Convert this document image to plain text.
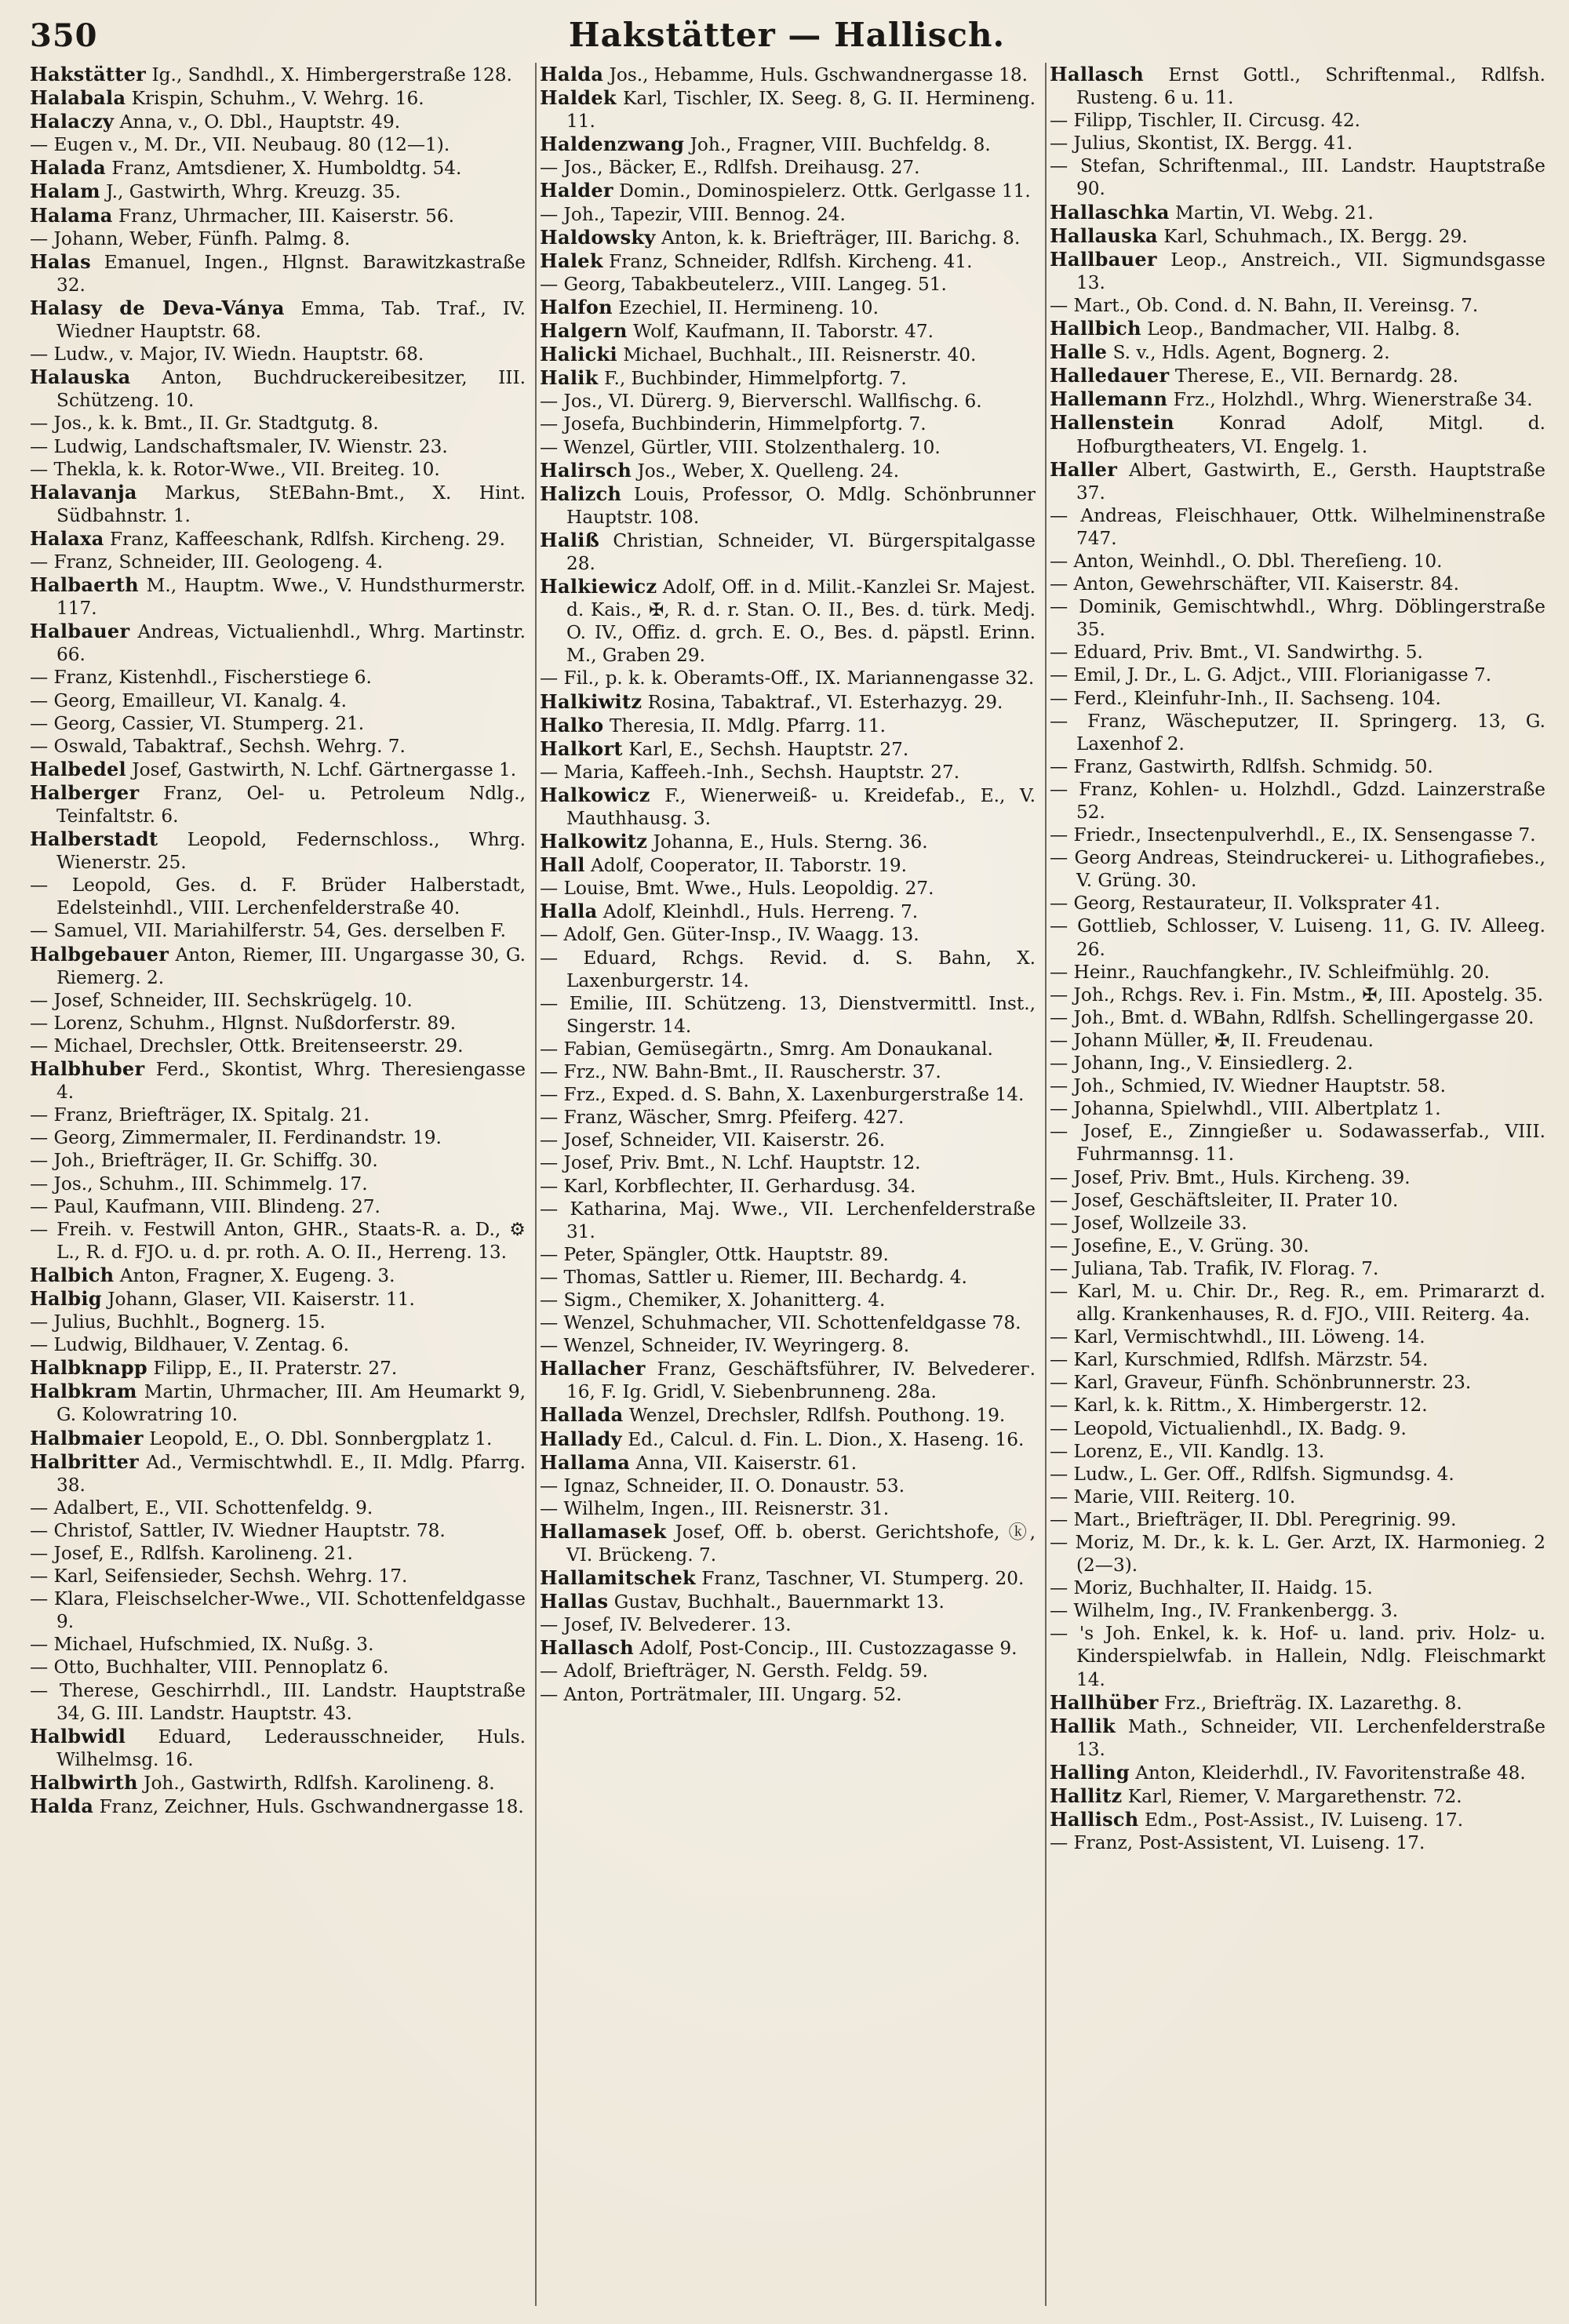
350	Hakstätter — Hallisch.
Hakstätter Ig., Sandhdl., X. Himbergerstraße 128.
Halabala Krispin, Schuhm., V. Wehrg. 16.
Halaczy Anna, v., O. Dbl., Hauptstr. 49.
— Eugen v., M. Dr., VII. Neubaug. 80 (12—1).
Halada Franz, Amtsdiener, X. Humboldtg. 54.
Halam J., Gastwirth, Whrg. Kreuzg. 35.
Halama Franz, Uhrmacher, III. Kaiserstr. 56.
— Johann, Weber, Fünfh. Palmg. 8.
Halas Emanuel, Ingen., Hlgnst. Barawitzkastraße 32.
Halasy de Deva-Ványa Emma, Tab. Traf., IV. Wiedner Hauptstr. 68.
— Ludw., v. Major, IV. Wiedn. Hauptstr. 68.
Halauska Anton, Buchdruckereibesitzer, III. Schützeng. 10.
— Jos., k. k. Bmt., II. Gr. Stadtgutg. 8.
— Ludwig, Landschaftsmaler, IV. Wienstr. 23.
— Thekla, k. k. Rotor-Wwe., VII. Breiteg. 10.
Halavanja Markus, StEBahn-Bmt., X. Hint. Südbahnstr. 1.
Halaxa Franz, Kaffeeschank, Rdlfsh. Kircheng. 29.
— Franz, Schneider, III. Geologeng. 4.
Halbaerth M., Hauptm. Wwe., V. Hundsthurmerstr. 117.
Halbauer Andreas, Victualienhdl., Whrg. Martinstr. 66.
— Franz, Kistenhdl., Fischerstiege 6.
— Georg, Emailleur, VI. Kanalg. 4.
— Georg, Cassier, VI. Stumperg. 21.
— Oswald, Tabaktraf., Sechsh. Wehrg. 7.
Halbedel Josef, Gastwirth, N. Lchf. Gärtnergasse 1.
Halberger Franz, Oel- u. Petroleum Ndlg., Teinfaltstr. 6.
Halberstadt Leopold, Federnschloss., Whrg. Wienerstr. 25.
— Leopold, Ges. d. F. Brüder Halberstadt, Edelsteinhdl., VIII. Lerchenfelderstraße 40.
— Samuel, VII. Mariahilferstr. 54, Ges. derselben F.
Halbgebauer Anton, Riemer, III. Ungargasse 30, G. Riemerg. 2.
— Josef, Schneider, III. Sechskrügelg. 10.
— Lorenz, Schuhm., Hlgnst. Nußdorferstr. 89.
— Michael, Drechsler, Ottk. Breitenseerstr. 29.
Halbhuber Ferd., Skontist, Whrg. Theresiengasse 4.
— Franz, Briefträger, IX. Spitalg. 21.
— Georg, Zimmermaler, II. Ferdinandstr. 19.
— Joh., Briefträger, II. Gr. Schiffg. 30.
— Jos., Schuhm., III. Schimmelg. 17.
— Paul, Kaufmann, VIII. Blindeng. 27.
— Freih. v. Festwill Anton, GHR., Staats-R. a. D., ⚙ L., R. d. FJO. u. d. pr. roth. A. O. II., Herreng. 13.
Halbich Anton, Fragner, X. Eugeng. 3.
Halbig Johann, Glaser, VII. Kaiserstr. 11.
— Julius, Buchhlt., Bognerg. 15.
— Ludwig, Bildhauer, V. Zentag. 6.
Halbknapp Filipp, E., II. Praterstr. 27.
Halbkram Martin, Uhrmacher, III. Am Heumarkt 9, G. Kolowratring 10.
Halbmaier Leopold, E., O. Dbl. Sonnbergplatz 1.
Halbritter Ad., Vermischtwhdl. E., II. Mdlg. Pfarrg. 38.
— Adalbert, E., VII. Schottenfeldg. 9.
— Christof, Sattler, IV. Wiedner Hauptstr. 78.
— Josef, E., Rdlfsh. Karolineng. 21.
— Karl, Seifensieder, Sechsh. Wehrg. 17.
— Klara, Fleischselcher-Wwe., VII. Schottenfeldgasse 9.
— Michael, Hufschmied, IX. Nußg. 3.
— Otto, Buchhalter, VIII. Pennoplatz 6.
— Therese, Geschirrhdl., III. Landstr. Hauptstraße 34, G. III. Landstr. Hauptstr. 43.
Halbwidl Eduard, Lederausschneider, Huls. Wilhelmsg. 16.
Halbwirth Joh., Gastwirth, Rdlfsh. Karolineng. 8.
Halda Franz, Zeichner, Huls. Gschwandnergasse 18.
Halda Jos., Hebamme, Huls. Gschwandnergasse 18.
Haldek Karl, Tischler, IX. Seeg. 8, G. II. Hermineng. 11.
Haldenzwang Joh., Fragner, VIII. Buchfeldg. 8.
— Jos., Bäcker, E., Rdlfsh. Dreihausg. 27.
Halder Domin., Dominospielerz. Ottk. Gerlgasse 11.
— Joh., Tapezir, VIII. Bennog. 24.
Haldowsky Anton, k. k. Briefträger, III. Barichg. 8.
Halek Franz, Schneider, Rdlfsh. Kircheng. 41.
— Georg, Tabakbeutelerz., VIII. Langeg. 51.
Halfon Ezechiel, II. Hermineng. 10.
Halgern Wolf, Kaufmann, II. Taborstr. 47.
Halicki Michael, Buchhalt., III. Reisnerstr. 40.
Halik F., Buchbinder, Himmelpfortg. 7.
— Jos., VI. Dürerg. 9, Bierverschl. Wallfischg. 6.
— Josefa, Buchbinderin, Himmelpfortg. 7.
— Wenzel, Gürtler, VIII. Stolzenthalerg. 10.
Halirsch Jos., Weber, X. Quelleng. 24.
Halizch Louis, Professor, O. Mdlg. Schönbrunner Hauptstr. 108.
Haliß Christian, Schneider, VI. Bürgerspitalgasse 28.
Halkiewicz Adolf, Off. in d. Milit.-Kanzlei Sr. Majest. d. Kais., ✠, R. d. r. Stan. O. II., Bes. d. türk. Medj. O. IV., Offiz. d. grch. E. O., Bes. d. päpstl. Erinn. M., Graben 29.
— Fil., p. k. k. Oberamts-Off., IX. Mariannengasse 32.
Halkiwitz Rosina, Tabaktraf., VI. Esterhazyg. 29.
Halko Theresia, II. Mdlg. Pfarrg. 11.
Halkort Karl, E., Sechsh. Hauptstr. 27.
— Maria, Kaffeeh.-Inh., Sechsh. Hauptstr. 27.
Halkowicz F., Wienerweiß- u. Kreidefab., E., V. Mauthhausg. 3.
Halkowitz Johanna, E., Huls. Sterng. 36.
Hall Adolf, Cooperator, II. Taborstr. 19.
— Louise, Bmt. Wwe., Huls. Leopoldig. 27.
Halla Adolf, Kleinhdl., Huls. Herreng. 7.
— Adolf, Gen. Güter-Insp., IV. Waagg. 13.
— Eduard, Rchgs. Revid. d. S. Bahn, X. Laxenburgerstr. 14.
— Emilie, III. Schützeng. 13, Dienstvermittl. Inst., Singerstr. 14.
— Fabian, Gemüsegärtn., Smrg. Am Donaukanal.
— Frz., NW. Bahn-Bmt., II. Rauscherstr. 37.
— Frz., Exped. d. S. Bahn, X. Laxenburgerstraße 14.
— Franz, Wäscher, Smrg. Pfeiferg. 427.
— Josef, Schneider, VII. Kaiserstr. 26.
— Josef, Priv. Bmt., N. Lchf. Hauptstr. 12.
— Karl, Korbflechter, II. Gerhardusg. 34.
— Katharina, Maj. Wwe., VII. Lerchenfelderstraße 31.
— Peter, Spängler, Ottk. Hauptstr. 89.
— Thomas, Sattler u. Riemer, III. Bechardg. 4.
— Sigm., Chemiker, X. Johanitterg. 4.
— Wenzel, Schuhmacher, VII. Schottenfeldgasse 78.
— Wenzel, Schneider, IV. Weyringerg. 8.
Hallacher Franz, Geschäftsführer, IV. Belvederег. 16, F. Ig. Gridl, V. Siebenbrunneng. 28a.
Hallada Wenzel, Drechsler, Rdlfsh. Pouthong. 19.
Hallady Ed., Calcul. d. Fin. L. Dion., X. Haseng. 16.
Hallama Anna, VII. Kaiserstr. 61.
— Ignaz, Schneider, II. O. Donaustr. 53.
— Wilhelm, Ingen., III. Reisnerstr. 31.
Hallamasek Josef, Off. b. oberst. Gerichtshofe, ⓚ, VI. Brückeng. 7.
Hallamitschek Franz, Taschner, VI. Stumperg. 20.
Hallas Gustav, Buchhalt., Bauernmarkt 13.
— Josef, IV. Belvederег. 13.
Hallasch Adolf, Post-Concip., III. Custozzagasse 9.
— Adolf, Briefträger, N. Gersth. Feldg. 59.
— Anton, Porträtmaler, III. Ungarg. 52.
Hallasch Ernst Gottl., Schriftenmal., Rdlfsh. Rusteng. 6 u. 11.
— Filipp, Tischler, II. Circusg. 42.
— Julius, Skontist, IX. Bergg. 41.
— Stefan, Schriftenmal., III. Landstr. Hauptstraße 90.
Hallaschka Martin, VI. Webg. 21.
Hallauska Karl, Schuhmach., IX. Bergg. 29.
Hallbauer Leop., Anstreich., VII. Sigmundsgasse 13.
— Mart., Ob. Cond. d. N. Bahn, II. Vereinsg. 7.
Hallbich Leop., Bandmacher, VII. Halbg. 8.
Halle S. v., Hdls. Agent, Bognerg. 2.
Halledauer Therese, E., VII. Bernardg. 28.
Hallemann Frz., Holzhdl., Whrg. Wienerstraße 34.
Hallenstein Konrad Adolf, Mitgl. d. Hofburgtheaters, VI. Engelg. 1.
Haller Albert, Gastwirth, E., Gersth. Hauptstraße 37.
— Andreas, Fleischhauer, Ottk. Wilhelminenstraße 747.
— Anton, Weinhdl., O. Dbl. Thereſieng. 10.
— Anton, Gewehrschäfter, VII. Kaiserstr. 84.
— Dominik, Gemischtwhdl., Whrg. Döblingerstraße 35.
— Eduard, Priv. Bmt., VI. Sandwirthg. 5.
— Emil, J. Dr., L. G. Adjct., VIII. Florianigasse 7.
— Ferd., Kleinfuhr-Inh., II. Sachseng. 104.
— Franz, Wäscheputzer, II. Springerg. 13, G. Laxenhof 2.
— Franz, Gastwirth, Rdlfsh. Schmidg. 50.
— Franz, Kohlen- u. Holzhdl., Gdzd. Lainzerstraße 52.
— Friedr., Insectenpulverhdl., E., IX. Sensengasse 7.
— Georg Andreas, Steindruckerei- u. Lithografiebes., V. Grüng. 30.
— Georg, Restaurateur, II. Volksprater 41.
— Gottlieb, Schlosser, V. Luiseng. 11, G. IV. Alleeg. 26.
— Heinr., Rauchfangkehr., IV. Schleifmühlg. 20.
— Joh., Rchgs. Rev. i. Fin. Mstm., ✠, III. Apostelg. 35.
— Joh., Bmt. d. WBahn, Rdlfsh. Schellingergasse 20.
— Johann Müller, ✠, II. Freudenau.
— Johann, Ing., V. Einsiedlerg. 2.
— Joh., Schmied, IV. Wiedner Hauptstr. 58.
— Johanna, Spielwhdl., VIII. Albertplatz 1.
— Josef, E., Zinngießer u. Sodawasserfab., VIII. Fuhrmannsg. 11.
— Josef, Priv. Bmt., Huls. Kircheng. 39.
— Josef, Geschäftsleiter, II. Prater 10.
— Josef, Wollzeile 33.
— Josefine, E., V. Grüng. 30.
— Juliana, Tab. Trafik, IV. Florag. 7.
— Karl, M. u. Chir. Dr., Reg. R., em. Primararzt d. allg. Krankenhauses, R. d. FJO., VIII. Reiterg. 4a.
— Karl, Vermischtwhdl., III. Löweng. 14.
— Karl, Kurschmied, Rdlfsh. Märzstr. 54.
— Karl, Graveur, Fünfh. Schönbrunnerstr. 23.
— Karl, k. k. Rittm., X. Himbergerstr. 12.
— Leopold, Victualienhdl., IX. Badg. 9.
— Lorenz, E., VII. Kandlg. 13.
— Ludw., L. Ger. Off., Rdlfsh. Sigmundsg. 4.
— Marie, VIII. Reiterg. 10.
— Mart., Briefträger, II. Dbl. Peregrinig. 99.
— Moriz, M. Dr., k. k. L. Ger. Arzt, IX. Harmonieg. 2 (2—3).
— Moriz, Buchhalter, II. Haidg. 15.
— Wilhelm, Ing., IV. Frankenbergg. 3.
— 's Joh. Enkel, k. k. Hof- u. land. priv. Holz- u. Kinderspielwfab. in Hallein, Ndlg. Fleischmarkt 14.
Hallhüber Frz., Briefträg. IX. Lazarethg. 8.
Hallik Math., Schneider, VII. Lerchenfelderstraße 13.
Halling Anton, Kleiderhdl., IV. Favoritenstraße 48.
Hallitz Karl, Riemer, V. Margarethenstr. 72.
Hallisch Edm., Post-Assist., IV. Luiseng. 17.
— Franz, Post-Assistent, VI. Luiseng. 17.
